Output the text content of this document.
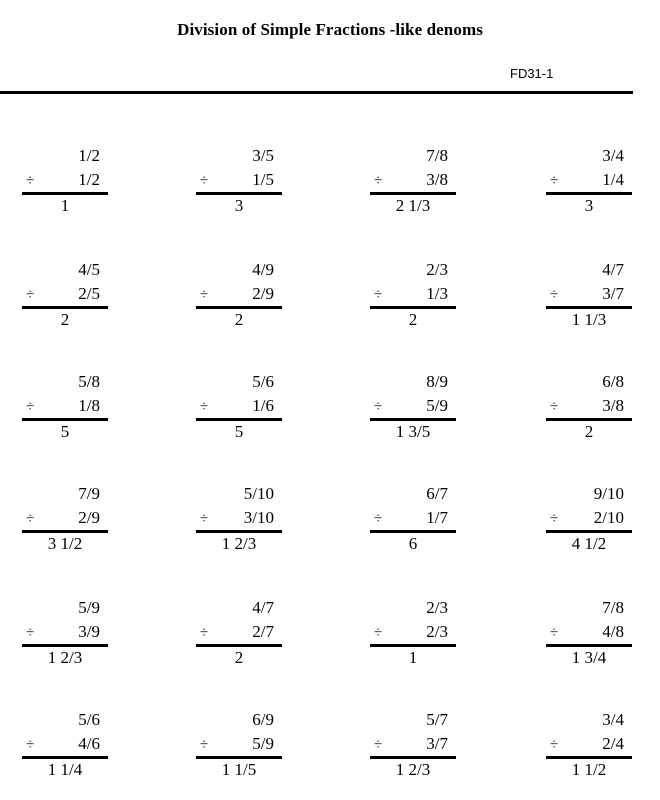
Division of Simple Fractions -like denoms
FD31-1
1/2
÷	1/2
1
3/5
÷	1/5
3
7/8
÷	3/8
2 1/3
3/4
÷	1/4
3
4/5
÷	2/5
2
4/9
÷	2/9
2
2/3
÷	1/3
2
4/7
÷	3/7
1 1/3
5/8
÷	1/8
5
5/6
÷	1/6
5
8/9
÷	5/9
1 3/5
6/8
÷	3/8
2
7/9
÷	2/9
3 1/2
5/10
÷ 3/10
1 2/3
6/7
÷	1/7
6
9/10
÷ 2/10
4 1/2
5/9
÷	3/9
1 2/3
4/7
÷	2/7
2
2/3
÷	2/3
1
7/8
÷	4/8
1 3/4
5/6
÷	4/6
1 1/4
6/9
÷	5/9
1 1/5
5/7
÷	3/7
1 2/3
3/4
÷	2/4
1 1/2
